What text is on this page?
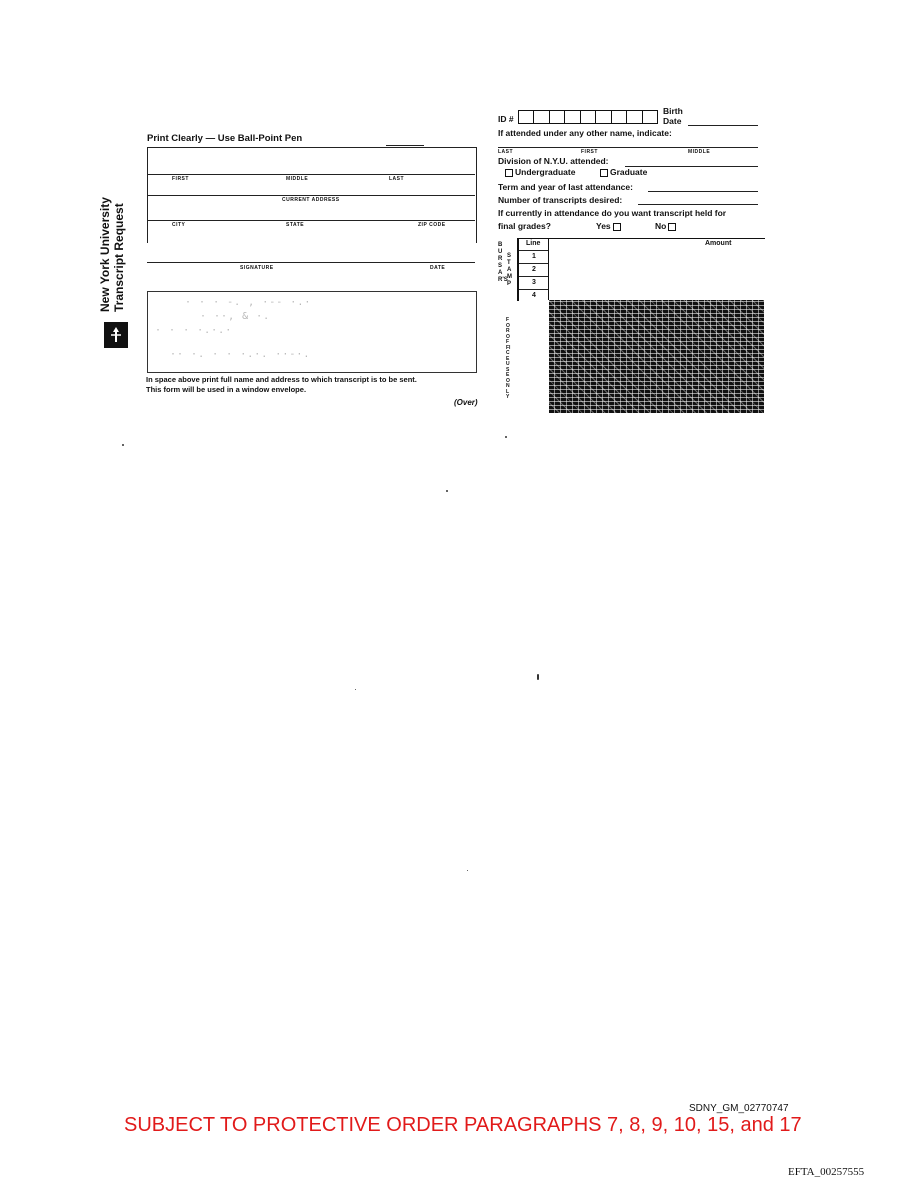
New York University Transcript Request
Print Clearly — Use Ball-Point Pen
FIRST	MIDDLE	LAST
CURRENT ADDRESS
CITY	STATE	ZIP CODE
SIGNATURE	DATE
· · · -. , ·-- ·.·
· ··, & ·.
· · · ·.·.·
·· ·. · · ·.·. ··-·.
In space above print full name and address to which transcript is to be sent.
This form will be used in a window envelope.
(Over)
ID #
Birth
Date
If attended under any other name, indicate:
LAST	FIRST	MIDDLE
Division of N.Y.U. attended:
Undergraduate	Graduate
Term and year of last attendance:
Number of transcripts desired:
If currently in attendance do you want transcript held for
final grades?	Yes	No
BURSAR'S
STAMP
Line	Amount
1
2
3
4
FOR OFFICE USE ONLY
SDNY_GM_02770747
SUBJECT TO PROTECTIVE ORDER PARAGRAPHS 7, 8, 9, 10, 15, and 17
EFTA_00257555
